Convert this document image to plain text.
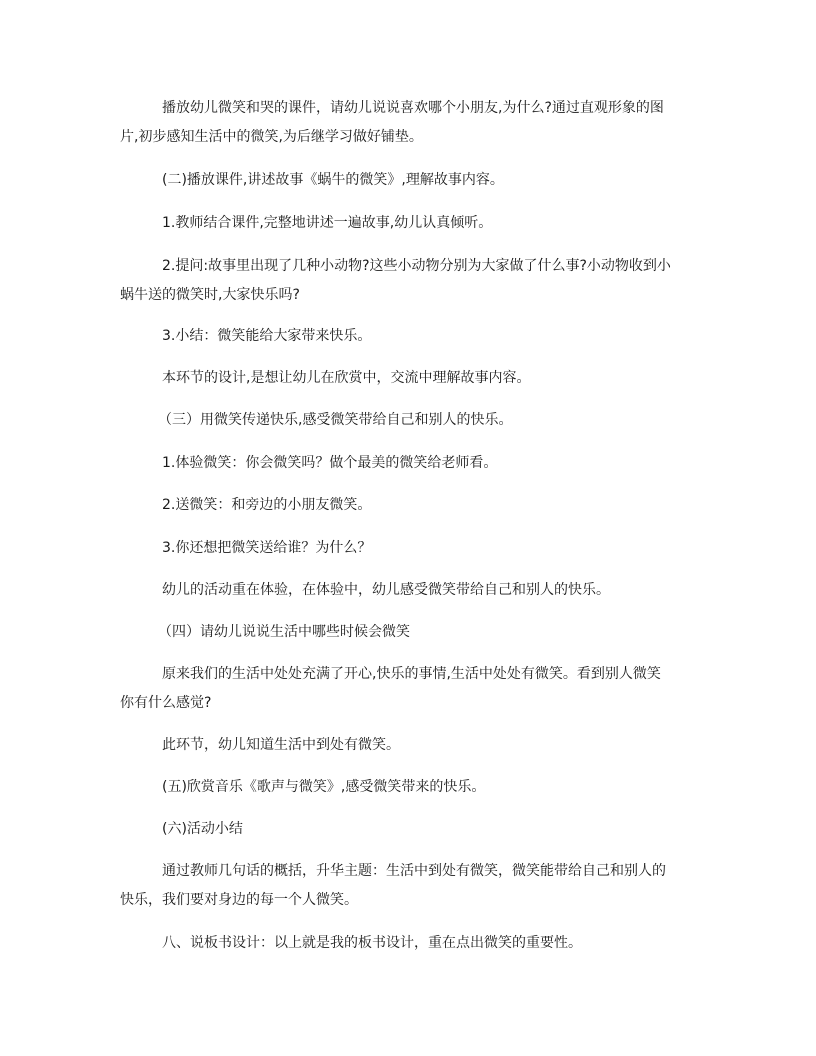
播放幼儿微笑和哭的课件，请幼儿说说喜欢哪个小朋友,为什么?通过直观形象的图

片,初步感知生活中的微笑,为后继学习做好铺垫。

(二)播放课件,讲述故事《蜗牛的微笑》,理解故事内容。

1.教师结合课件,完整地讲述一遍故事,幼儿认真倾听。

2.提问:故事里出现了几种小动物?这些小动物分别为大家做了什么事?小动物收到小

蜗牛送的微笑时,大家快乐吗?

3.小结：微笑能给大家带来快乐。

本环节的设计,是想让幼儿在欣赏中，交流中理解故事内容。

（三）用微笑传递快乐,感受微笑带给自己和别人的快乐。

1.体验微笑：你会微笑吗？做个最美的微笑给老师看。

2.送微笑：和旁边的小朋友微笑。

3.你还想把微笑送给谁？为什么？

幼儿的活动重在体验，在体验中，幼儿感受微笑带给自己和别人的快乐。

（四）请幼儿说说生活中哪些时候会微笑

原来我们的生活中处处充满了开心,快乐的事情,生活中处处有微笑。看到别人微笑

你有什么感觉?

此环节，幼儿知道生活中到处有微笑。

(五)欣赏音乐《歌声与微笑》,感受微笑带来的快乐。

(六)活动小结

通过教师几句话的概括，升华主题：生活中到处有微笑，微笑能带给自己和别人的

快乐，我们要对身边的每一个人微笑。

八、说板书设计：以上就是我的板书设计，重在点出微笑的重要性。
